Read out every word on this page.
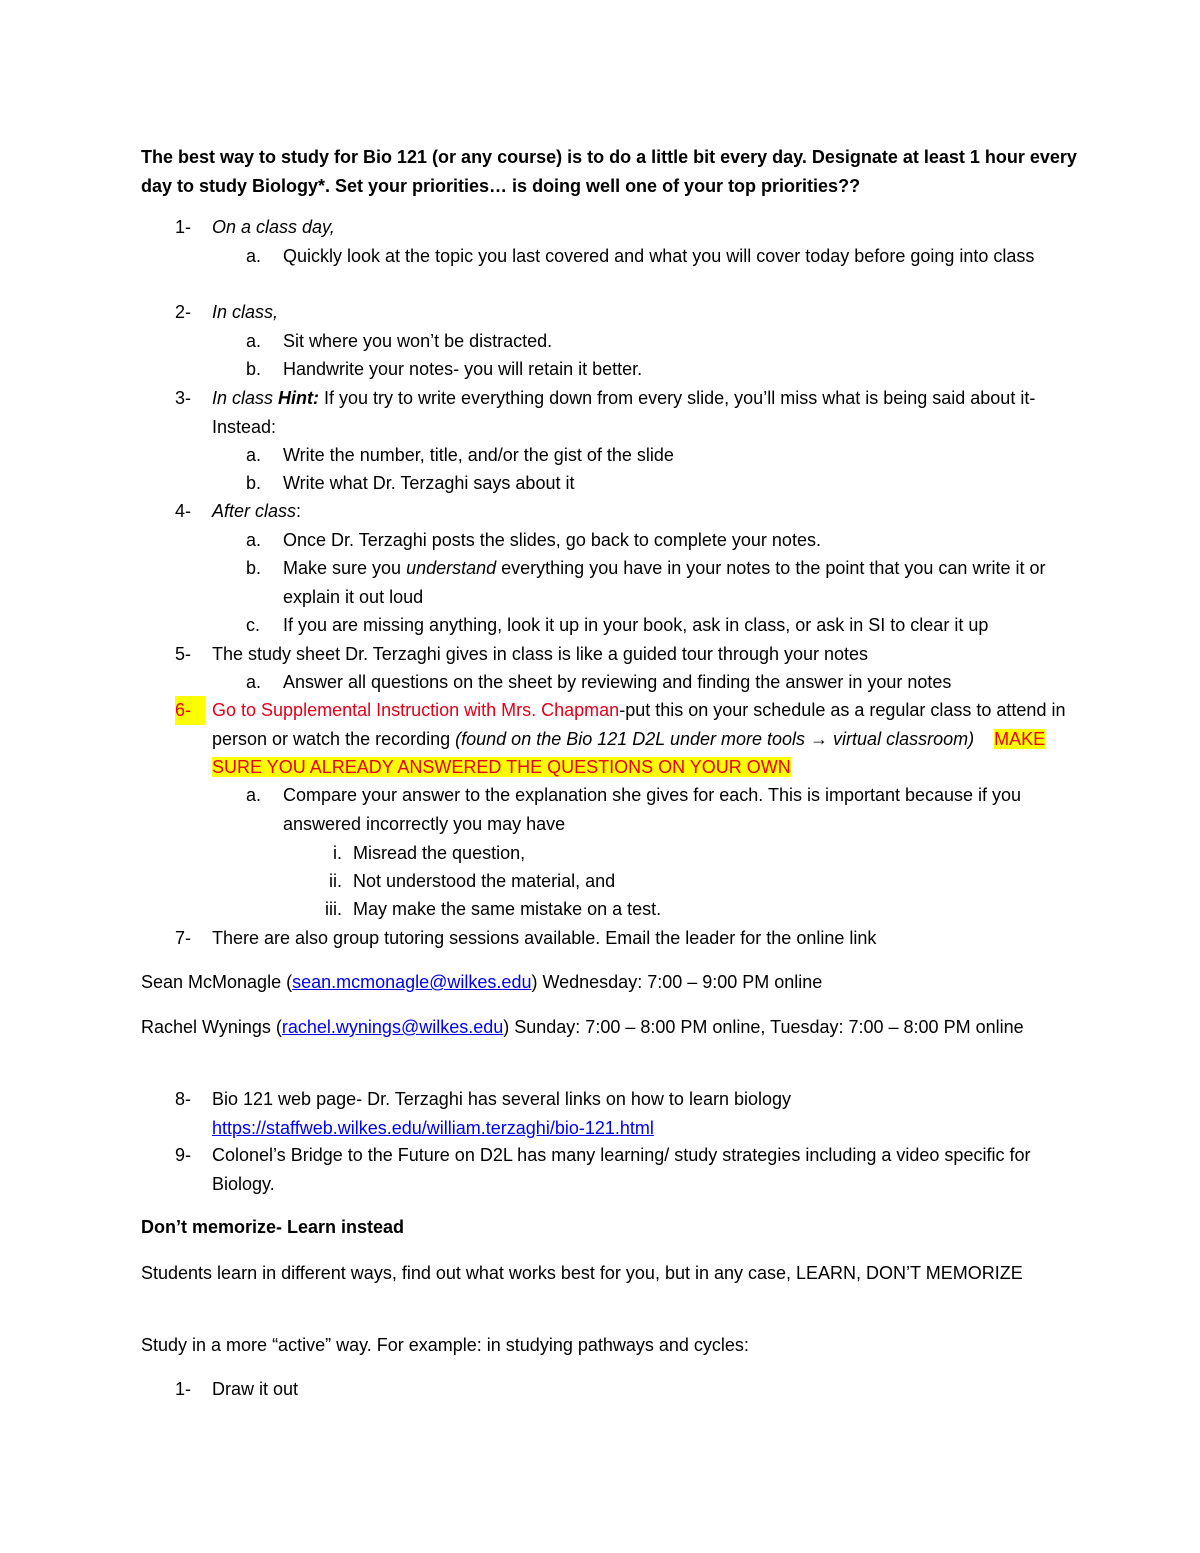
The best way to study for Bio 121 (or any course) is to do a little bit every day. Designate at least 1 hour every day to study Biology*. Set your priorities… is doing well one of your top priorities??

1- On a class day,
a. Quickly look at the topic you last covered and what you will cover today before going into class
2- In class,
a. Sit where you won’t be distracted.
b. Handwrite your notes- you will retain it better.
3- In class Hint: If you try to write everything down from every slide, you’ll miss what is being said about it- Instead:
a. Write the number, title, and/or the gist of the slide
b. Write what Dr. Terzaghi says about it
4- After class:
a. Once Dr. Terzaghi posts the slides, go back to complete your notes.
b. Make sure you understand everything you have in your notes to the point that you can write it or explain it out loud
c. If you are missing anything, look it up in your book, ask in class, or ask in SI to clear it up
5- The study sheet Dr. Terzaghi gives in class is like a guided tour through your notes
a. Answer all questions on the sheet by reviewing and finding the answer in your notes
6-	Go to Supplemental Instruction with Mrs. Chapman-put this on your schedule as a regular class to attend in person or watch the recording (found on the Bio 121 D2L under more tools → virtual classroom) MAKE SURE YOU ALREADY ANSWERED THE QUESTIONS ON YOUR OWN
a. Compare your answer to the explanation she gives for each. This is important because if you answered incorrectly you may have
i. Misread the question,
ii. Not understood the material, and
iii. May make the same mistake on a test.
7- There are also group tutoring sessions available. Email the leader for the online link

Sean McMonagle (sean.mcmonagle@wilkes.edu) Wednesday: 7:00 – 9:00 PM online

Rachel Wynings (rachel.wynings@wilkes.edu) Sunday: 7:00 – 8:00 PM online, Tuesday: 7:00 – 8:00 PM online

8- Bio 121 web page- Dr. Terzaghi has several links on how to learn biology https://staffweb.wilkes.edu/william.terzaghi/bio-121.html
9- Colonel’s Bridge to the Future on D2L has many learning/ study strategies including a video specific for Biology.

Don’t memorize- Learn instead

Students learn in different ways, find out what works best for you, but in any case, LEARN, DON’T MEMORIZE

Study in a more “active” way. For example: in studying pathways and cycles:

1- Draw it out
